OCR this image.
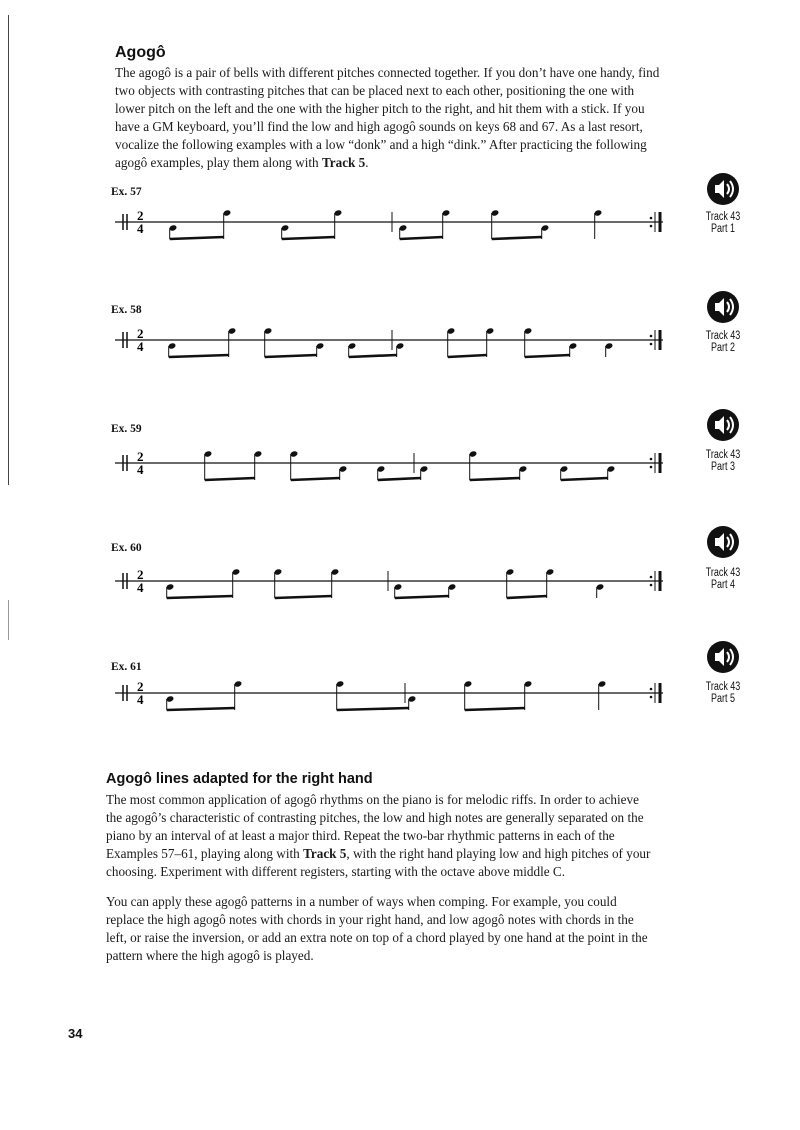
Agogô

The agogô is a pair of bells with different pitches connected together. If you don’t have one handy, find

two objects with contrasting pitches that can be placed next to each other, positioning the one with

lower pitch on the left and the one with the higher pitch to the right, and hit them with a stick. If you

have a GM keyboard, you’ll find the low and high agogô sounds on keys 68 and 67. As a last resort,

vocalize the following examples with a low “donk” and a high “dink.” After practicing the following

agogô examples, play them along with Track 5.

Ex. 57
2
4
Track 43
Part 1
Ex. 58
2
4
Track 43
Part 2
Ex. 59
2
4
Track 43
Part 3
Ex. 60
2
4
Track 43
Part 4
Ex. 61
2
4
Track 43
Part 5
Agogô lines adapted for the right hand

The most common application of agogô rhythms on the piano is for melodic riffs. In order to achieve

the agogô’s characteristic of contrasting pitches, the low and high notes are generally separated on the

piano by an interval of at least a major third. Repeat the two-bar rhythmic patterns in each of the

Examples 57–61, playing along with Track 5, with the right hand playing low and high pitches of your

choosing. Experiment with different registers, starting with the octave above middle C.

You can apply these agogô patterns in a number of ways when comping. For example, you could

replace the high agogô notes with chords in your right hand, and low agogô notes with chords in the

left, or raise the inversion, or add an extra note on top of a chord played by one hand at the point in the

pattern where the high agogô is played.

34
